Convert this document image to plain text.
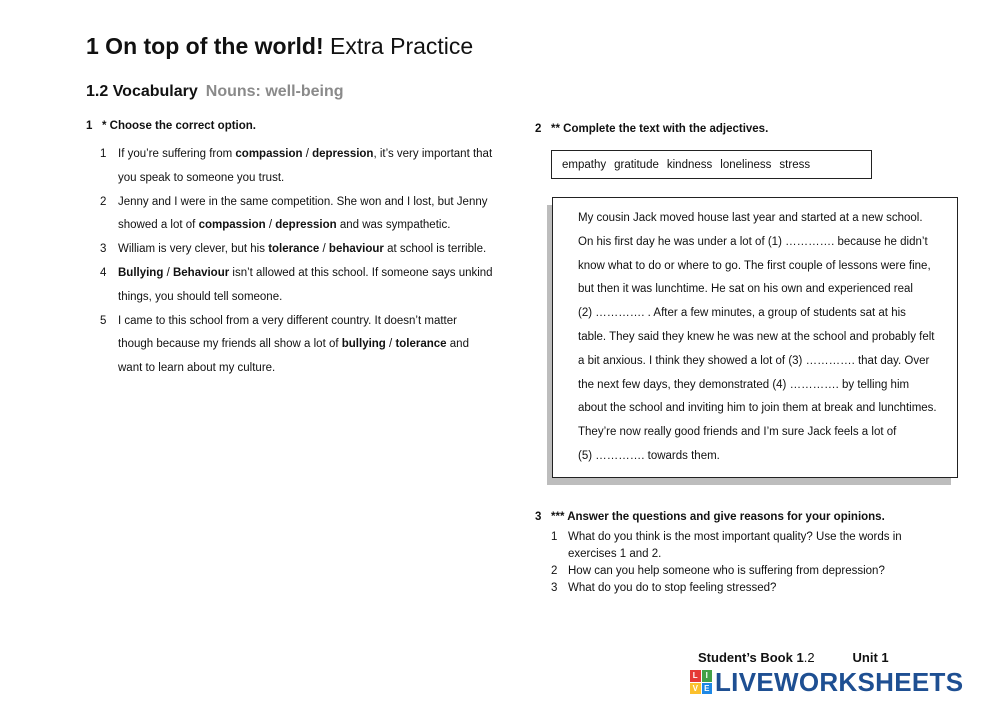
1 On top of the world! Extra Practice
1.2 Vocabulary Nouns: well-being
1 * Choose the correct option.
1	If you’re suffering from compassion / depression, it’s very important that you speak to someone you trust.
2	Jenny and I were in the same competition. She won and I lost, but Jenny showed a lot of compassion / depression and was sympathetic.
3	William is very clever, but his tolerance / behaviour at school is terrible.
4	Bullying / Behaviour isn’t allowed at this school. If someone says unkind things, you should tell someone.
5	I came to this school from a very different country. It doesn’t matter though because my friends all show a lot of bullying / tolerance and want to learn about my culture.
2 ** Complete the text with the adjectives.
empathy gratitude kindness loneliness stress
My cousin Jack moved house last year and started at a new school.
On his first day he was under a lot of (1) …………. because he didn’t
know what to do or where to go. The first couple of lessons were fine,
but then it was lunchtime. He sat on his own and experienced real
(2) …………. . After a few minutes, a group of students sat at his
table. They said they knew he was new at the school and probably felt
a bit anxious. I think they showed a lot of (3) …………. that day. Over
the next few days, they demonstrated (4) …………. by telling him
about the school and inviting him to join them at break and lunchtimes.
They’re now really good friends and I’m sure Jack feels a lot of
(5) …………. towards them.
3 *** Answer the questions and give reasons for your opinions.
1 What do you think is the most important quality? Use the words in exercises 1 and 2.
2 How can you help someone who is suffering from depression?
3 What do you do to stop feeling stressed?
Student’s Book 1.2	Unit 1
L I
V E LIVEWORKSHEETS
